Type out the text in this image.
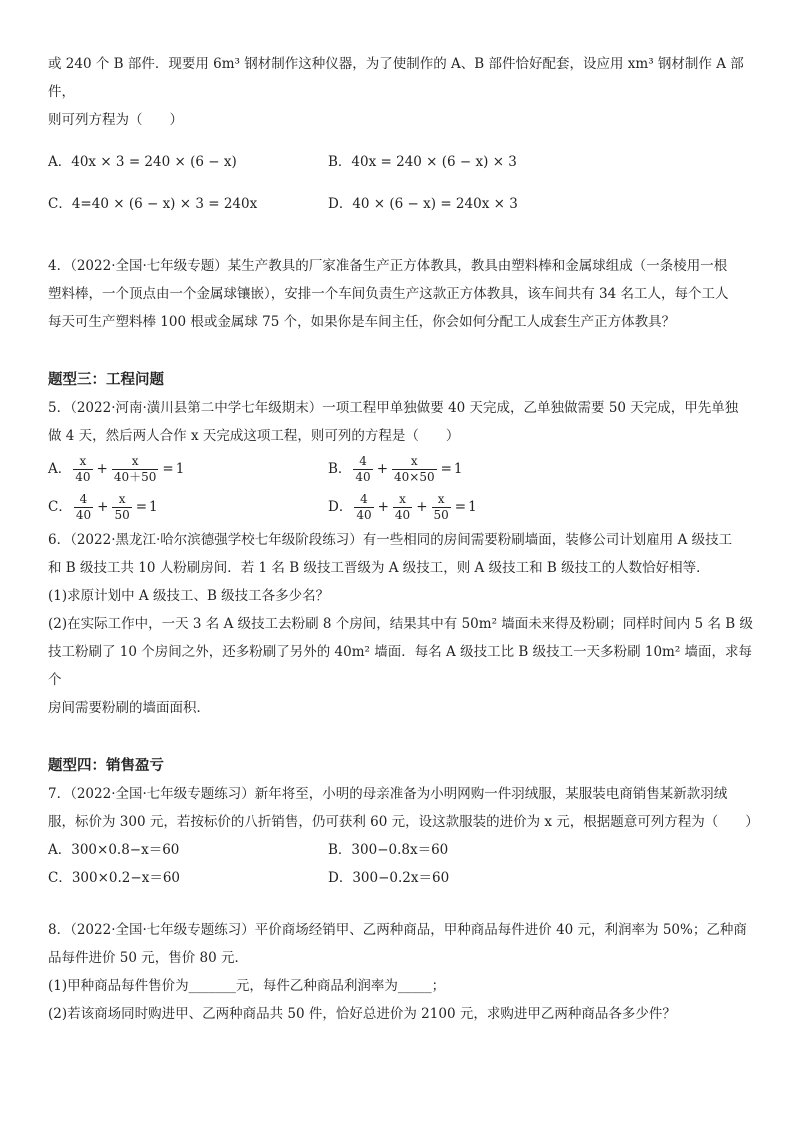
或 240 个 B 部件．现要用 6m³ 钢材制作这种仪器，为了使制作的 A、B 部件恰好配套，设应用 xm³ 钢材制作 A 部件，

则可列方程为（　　）

A． 40x × 3 = 240 × (6 − x)	B． 40x = 240 × (6 − x) × 3
C． 4=40 × (6 − x) × 3 = 240x	D． 40 × (6 − x) = 240x × 3

4．（2022·全国·七年级专题）某生产教具的厂家准备生产正方体教具，教具由塑料棒和金属球组成（一条棱用一根

塑料棒，一个顶点由一个金属球镶嵌），安排一个车间负责生产这款正方体教具，该车间共有 34 名工人，每个工人

每天可生产塑料棒 100 根或金属球 75 个，如果你是车间主任，你会如何分配工人成套生产正方体教具？

题型三：工程问题

5．（2022·河南·潢川县第二中学七年级期末）一项工程甲单独做要 40 天完成，乙单独做需要 50 天完成，甲先单独

做 4 天，然后两人合作 x 天完成这项工程，则可列的方程是（　　）

A． $\frac{x}{40} + \frac{x}{40+50} = 1$	B． $\frac{4}{40} + \frac{x}{40\times 50} = 1$
C． $\frac{4}{40} + \frac{x}{50} = 1$	D． $\frac{4}{40} + \frac{x}{40} + \frac{x}{50} = 1$

6．（2022·黑龙江·哈尔滨德强学校七年级阶段练习）有一些相同的房间需要粉刷墙面，装修公司计划雇用 A 级技工

和 B 级技工共 10 人粉刷房间．若 1 名 B 级技工晋级为 A 级技工，则 A 级技工和 B 级技工的人数恰好相等．

(1)求原计划中 A 级技工、B 级技工各多少名？

(2)在实际工作中，一天 3 名 A 级技工去粉刷 8 个房间，结果其中有 50m² 墙面未来得及粉刷；同样时间内 5 名 B 级

技工粉刷了 10 个房间之外，还多粉刷了另外的 40m² 墙面．每名 A 级技工比 B 级技工一天多粉刷 10m² 墙面，求每个

房间需要粉刷的墙面面积．

题型四：销售盈亏

7．（2022·全国·七年级专题练习）新年将至，小明的母亲准备为小明网购一件羽绒服，某服装电商销售某新款羽绒

服，标价为 300 元，若按标价的八折销售，仍可获利 60 元，设这款服装的进价为 x 元，根据题意可列方程为（　　）

A． 300×0.8−x＝60	B． 300−0.8x＝60
C． 300×0.2−x＝60	D． 300−0.2x＝60

8．（2022·全国·七年级专题练习）平价商场经销甲、乙两种商品，甲种商品每件进价 40 元，利润率为 50%；乙种商

品每件进价 50 元，售价 80 元．

(1)甲种商品每件售价为_______元，每件乙种商品利润率为_____；

(2)若该商场同时购进甲、乙两种商品共 50 件，恰好总进价为 2100 元，求购进甲乙两种商品各多少件？
